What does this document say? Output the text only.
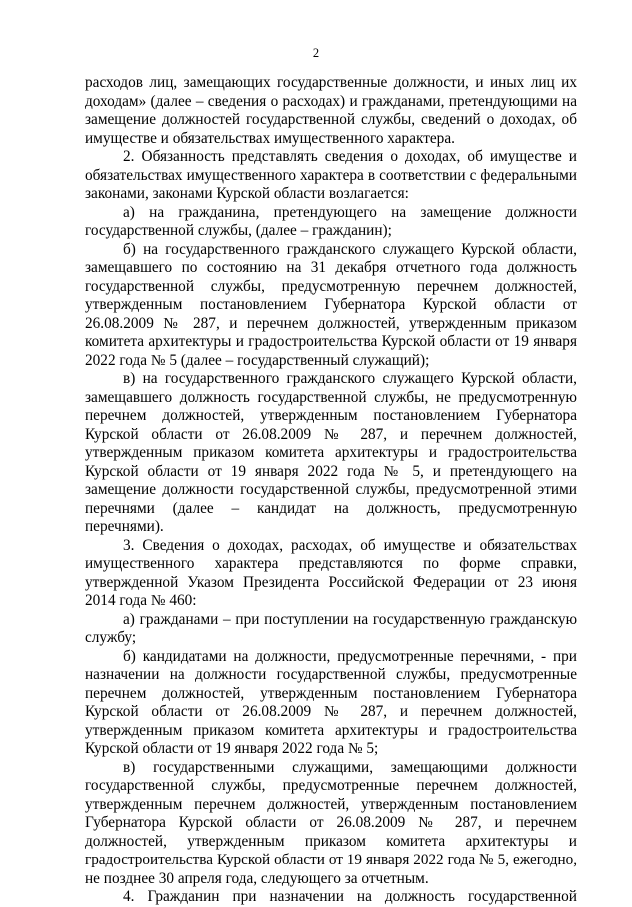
2
расходов лиц, замещающих государственные должности, и иных лиц их
доходам» (далее – сведения о расходах) и гражданами, претендующими на
замещение должностей государственной службы, сведений о доходах, об
имуществе и обязательствах имущественного характера.
2. Обязанность представлять сведения о доходах, об имуществе и
обязательствах имущественного характера в соответствии с федеральными
законами, законами Курской области возлагается:
а) на гражданина, претендующего на замещение должности
государственной службы, (далее – гражданин);
б) на государственного гражданского служащего Курской области,
замещавшего по состоянию на 31 декабря отчетного года должность
государственной службы, предусмотренную перечнем должностей,
утвержденным постановлением Губернатора Курской области от
26.08.2009 № 287, и перечнем должностей, утвержденным приказом
комитета архитектуры и градостроительства Курской области от 19 января
2022 года № 5 (далее – государственный служащий);
в) на государственного гражданского служащего Курской области,
замещавшего должность государственной службы, не предусмотренную
перечнем должностей, утвержденным постановлением Губернатора
Курской области от 26.08.2009 № 287, и перечнем должностей,
утвержденным приказом комитета архитектуры и градостроительства
Курской области от 19 января 2022 года № 5, и претендующего на
замещение должности государственной службы, предусмотренной этими
перечнями (далее – кандидат на должность, предусмотренную
перечнями).
3. Сведения о доходах, расходах, об имуществе и обязательствах
имущественного характера представляются по форме справки,
утвержденной Указом Президента Российской Федерации от 23 июня
2014 года № 460:
а) гражданами – при поступлении на государственную гражданскую
службу;
б) кандидатами на должности, предусмотренные перечнями, - при
назначении на должности государственной службы, предусмотренные
перечнем должностей, утвержденным постановлением Губернатора
Курской области от 26.08.2009 № 287, и перечнем должностей,
утвержденным приказом комитета архитектуры и градостроительства
Курской области от 19 января 2022 года № 5;
в) государственными служащими, замещающими должности
государственной службы, предусмотренные перечнем должностей,
утвержденным перечнем должностей, утвержденным постановлением
Губернатора Курской области от 26.08.2009 № 287, и перечнем
должностей, утвержденным приказом комитета архитектуры и
градостроительства Курской области от 19 января 2022 года № 5, ежегодно,
не позднее 30 апреля года, следующего за отчетным.
4. Гражданин при назначении на должность государственной
